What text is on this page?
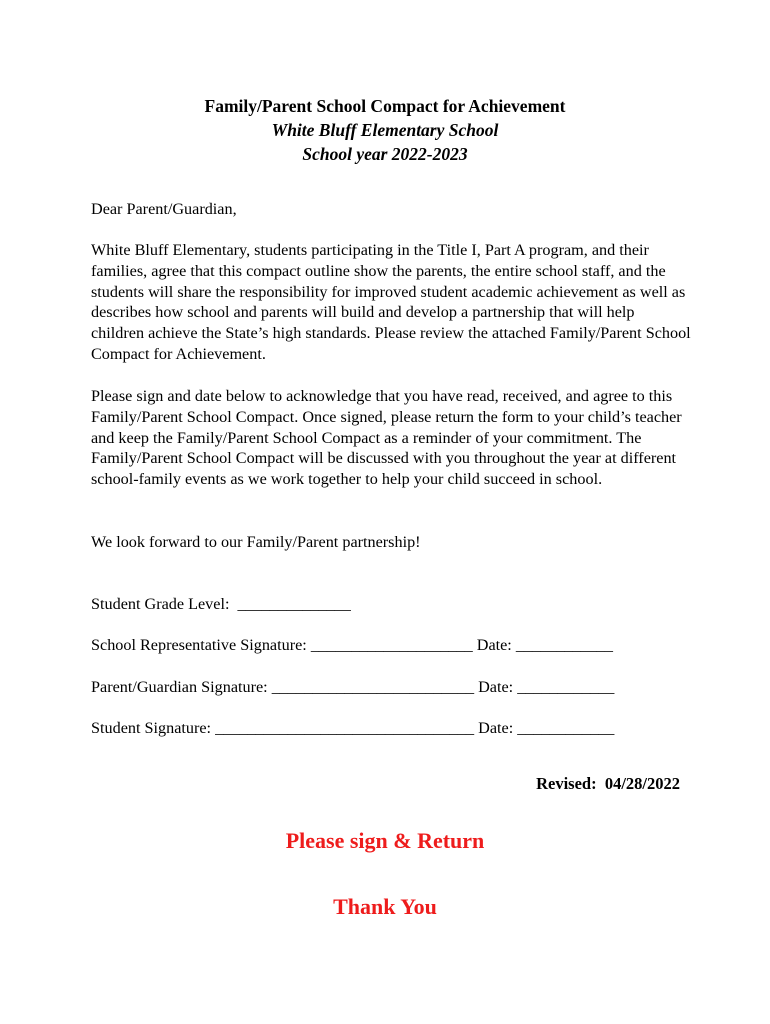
Family/Parent School Compact for Achievement
White Bluff Elementary School
School year 2022-2023
Dear Parent/Guardian,
White Bluff Elementary, students participating in the Title I, Part A program, and their families, agree that this compact outline show the parents, the entire school staff, and the students will share the responsibility for improved student academic achievement as well as describes how school and parents will build and develop a partnership that will help children achieve the State’s high standards. Please review the attached Family/Parent School Compact for Achievement.
Please sign and date below to acknowledge that you have read, received, and agree to this Family/Parent School Compact. Once signed, please return the form to your child’s teacher and keep the Family/Parent School Compact as a reminder of your commitment. The Family/Parent School Compact will be discussed with you throughout the year at different school-family events as we work together to help your child succeed in school.
We look forward to our Family/Parent partnership!
Student Grade Level:  ______________
School Representative Signature: ____________________ Date: ____________
Parent/Guardian Signature: _________________________ Date: ____________
Student Signature: ________________________________ Date: ____________
Revised:  04/28/2022
Please sign & Return
Thank You
